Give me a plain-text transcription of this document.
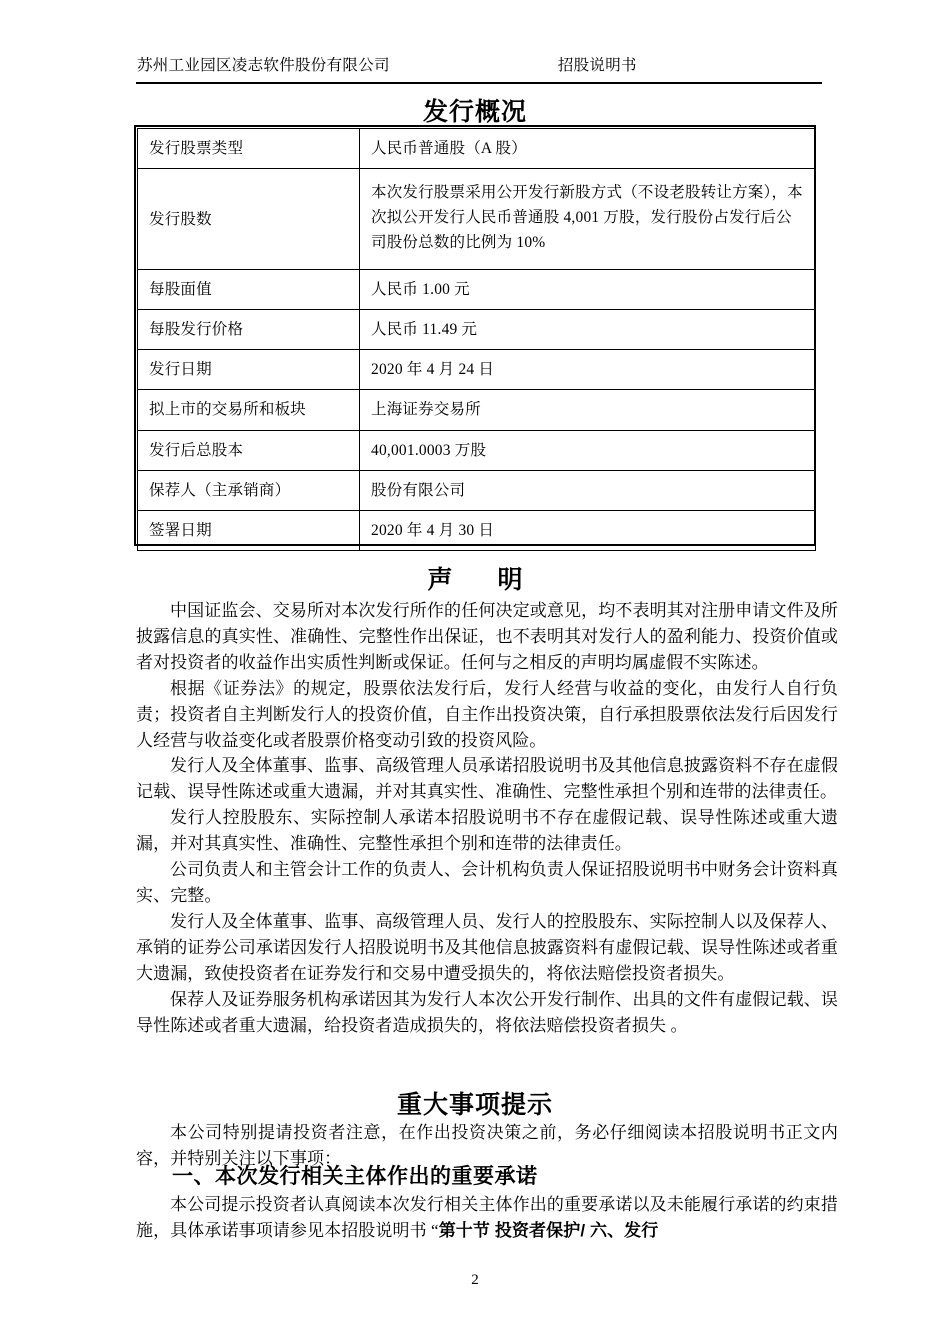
苏州工业园区凌志软件股份有限公司	招股说明书
发行概况
发行股票类型	人民币普通股（A 股）
发行股数	本次发行股票采用公开发行新股方式（不设老股转让方案），本次拟公开发行人民币普通股 4,001 万股，发行股份占发行后公司股份总数的比例为 10%
每股面值	人民币 1.00 元
每股发行价格	人民币 11.49 元
发行日期	2020 年 4 月 24 日
拟上市的交易所和板块	上海证券交易所
发行后总股本	40,001.0003 万股
保荐人（主承销商）	股份有限公司
签署日期	2020 年 4 月 30 日
声　明

中国证监会、交易所对本次发行所作的任何决定或意见，均不表明其对注册申请文件及所披露信息的真实性、准确性、完整性作出保证，也不表明其对发行人的盈利能力、投资价值或者对投资者的收益作出实质性判断或保证。任何与之相反的声明均属虚假不实陈述。

根据《证券法》的规定，股票依法发行后，发行人经营与收益的变化，由发行人自行负责；投资者自主判断发行人的投资价值，自主作出投资决策，自行承担股票依法发行后因发行人经营与收益变化或者股票价格变动引致的投资风险。

发行人及全体董事、监事、高级管理人员承诺招股说明书及其他信息披露资料不存在虚假记载、误导性陈述或重大遗漏，并对其真实性、准确性、完整性承担个别和连带的法律责任。

发行人控股股东、实际控制人承诺本招股说明书不存在虚假记载、误导性陈述或重大遗漏，并对其真实性、准确性、完整性承担个别和连带的法律责任。

公司负责人和主管会计工作的负责人、会计机构负责人保证招股说明书中财务会计资料真实、完整。

发行人及全体董事、监事、高级管理人员、发行人的控股股东、实际控制人以及保荐人、承销的证券公司承诺因发行人招股说明书及其他信息披露资料有虚假记载、误导性陈述或者重大遗漏，致使投资者在证券发行和交易中遭受损失的，将依法赔偿投资者损失。

保荐人及证券服务机构承诺因其为发行人本次公开发行制作、出具的文件有虚假记载、误导性陈述或者重大遗漏，给投资者造成损失的，将依法赔偿投资者损失 。

重大事项提示

本公司特别提请投资者注意，在作出投资决策之前，务必仔细阅读本招股说明书正文内容，并特别关注以下事项：

一、本次发行相关主体作出的重要承诺

本公司提示投资者认真阅读本次发行相关主体作出的重要承诺以及未能履行承诺的约束措施，具体承诺事项请参见本招股说明书 “第十节 投资者保护/ 六、发行

2
